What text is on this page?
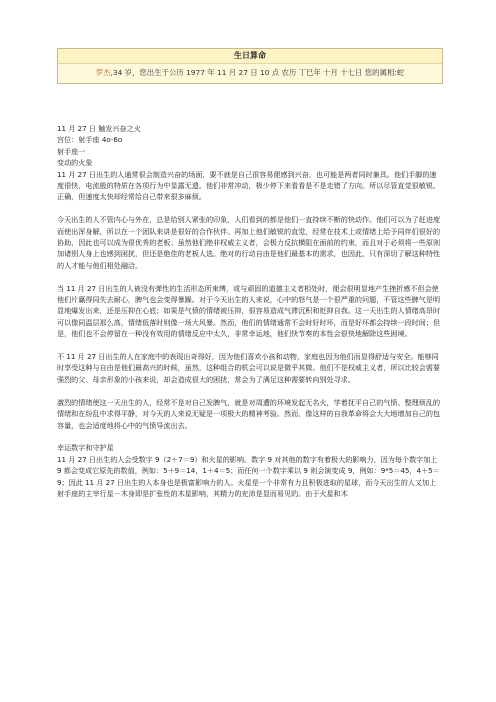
生日算命
罗杰,34 岁，您出生于公历 1977 年 11 月 27 日 10 点 农历 丁巳年 十月 十七日 您的属相:蛇

11 月 27 日 触发兴奋之火

宫位：射手座 4o-6o

射手座一

变动的火象

11 月 27 日出生的人通常很会制造兴奋的场面，要不就是自己很容易便感到兴奋，也可能是两者同时兼具。他们手脚的速度很快，电流般的特质在各项行为中显露无遗。他们非常冲动，极少停下来看看是不是走错了方向。所以尽管直觉很敏锐、正确，但速度太快却经常给自己带来很多麻烦。

今天出生的人不管内心与外在，总是给别人紧张的印象，人们看到的都是他们一直持续不断的快动作。他们可以为了赶进度而使出浑身解，所以在一个团队来讲是很好的合作伙伴。再加上他们敏锐的直觉，经常在技术上或情绪上给予同伴们很好的协助，因此也可以成为很优秀的老板；虽然他们绝非权威主义者，会极力反抗横阻在面前的约束，而且对于必须将一些原则加诸别人身上也感到困扰，但还是绝佳的老板人选。绝对的行动自由是他们最基本的需求，也因此，只有深切了解这种特性的人才能与他们相处融洽。

当 11 月 27 日出生的人被没有弹性的生活形态所束缚，或与顽固的道德主义者相处时，便会很明显地产生挫折感不但会使他们片赢得同失去耐心，脾气也会变得暴躁。对于今天出生的人来说，心中的怒气是一个很严重的问题，不管这些脾气是明显地爆发出来，还是压抑在心底；如果是气愤的情绪被压抑，很容易造成气滞沉积和贬抑自我。这一天出生的人情绪高昂时可以像同温层那么高，情绪低落时则像一场大风暴。然而，他们的情绪通常不会时好时坏，而是好坏都会持续一段时间；但是，他们也不会停留在一种没有效用的情绪反应中太久，非常幸运地，他们快节奏的本性会很快地解除这些困境。

不 11 月 27 日出生的人在家庭中的表现出奇得好，因为他们喜欢小孩和动物，家庭也因为他们而显得舒适与安全。能够同时享受这种与自由是他们最高兴的时候，虽然，这种组合的机会可以说是微乎其微。他们不是权威主义者，所以比较会需要强烈的父、母亲形象的小孩来说，却会造成很大的困扰，常会为了满足这种需要转向别处寻求。

激烈的情绪使这一天出生的人，经常不是对自己发脾气，就是对周遭的环境发起无名火，学着抚平自己的气愤、整理烦乱的情绪和在纷乱中求得平静，对今天的人来说无疑是一项极大的精神考验。然而，像这样的自我革命将会大大地增加自己的包容量，也会适度地将心中的气愤导流出去。

幸运数字和守护星

11 月 27 日出生的人会受数字 9（2＋7＝9）和火星的影响。数字 9 对其他的数字有着极大的影响力，因为每个数字加上 9 都会变成它原先的数值，例如：5＋9＝14，1＋4＝5；而任何一个数字乘以 9 则会演变成 9，例如：9*5＝45，4＋5＝9；因此 11 月 27 日出生的人本身也是极富影响力的人。火星是一个非常有力且积极进取的星球，而今天出生的人又加上射手座的主宰行星－木身即是扩张性的木星影响，其精力的充沛是显而易见的。由于火星和木
